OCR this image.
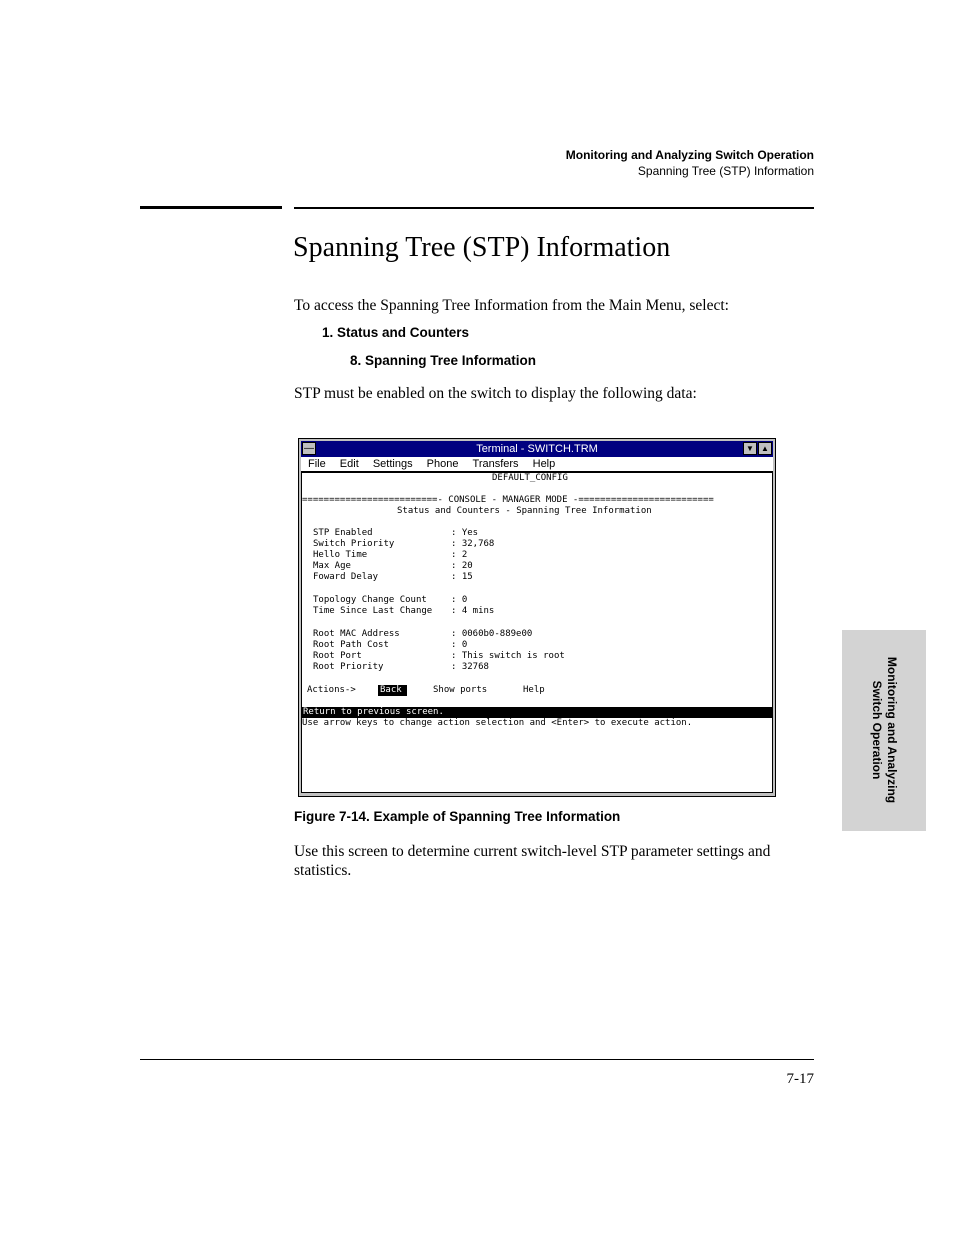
Monitoring and Analyzing Switch Operation
Spanning Tree (STP) Information
Spanning Tree (STP) Information
To access the Spanning Tree Information from the Main Menu, select:
1. Status and Counters
8. Spanning Tree Information
STP must be enabled on the switch to display the following data:
—	Terminal - SWITCH.TRM	▼ ▲
File Edit Settings Phone Transfers Help
DEFAULT_CONFIG
=========================- CONSOLE - MANAGER MODE -=========================
Status and Counters - Spanning Tree Information
STP Enabled	: Yes
Switch Priority	: 32,768
Hello Time	: 2
Max Age	: 20
Foward Delay	: 15
Topology Change Count	: 0
Time Since Last Change : 4 mins
Root MAC Address	: 0060b0-889e00
Root Path Cost	: 0
Root Port	: This switch is root
Root Priority	: 32768
Actions->	Back	Show ports	Help
Return to previous screen.
Use arrow keys to change action selection and <Enter> to execute action.
Figure 7-14. Example of Spanning Tree Information
Use this screen to determine current switch-level STP parameter settings and statistics.
Monitoring and Analyzing
Switch Operation
7-17
